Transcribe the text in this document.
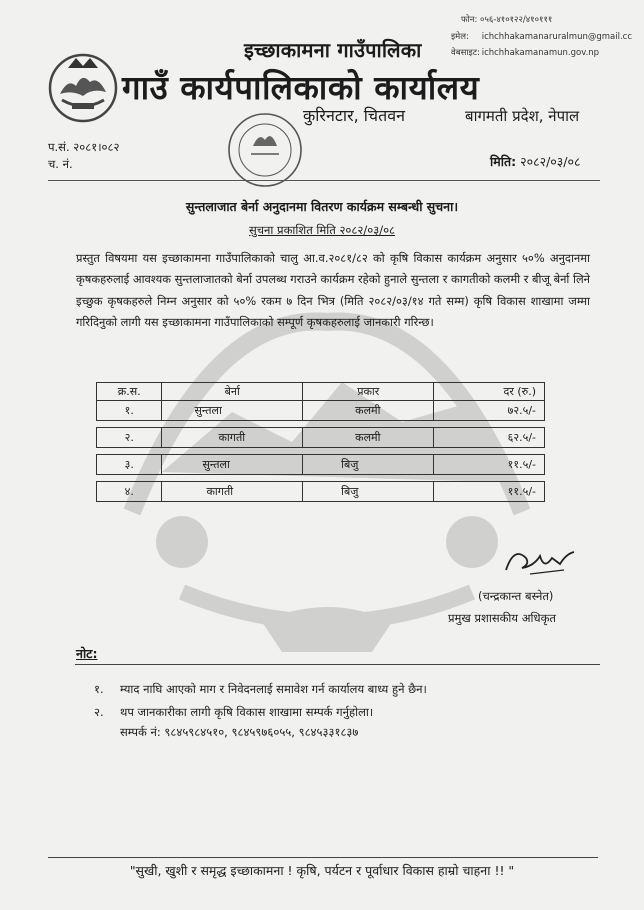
फोन: ०५६-४१०१२२/४१०१११
इमेल: ichchhakamanaruralmun@gmail.cc
वेबसाइट: ichchhakamanamun.gov.np
इच्छाकामना गाउँपालिका
गाउँ कार्यपालिकाको कार्यालय
कुरिनटार, चितवन	बागमती प्रदेश, नेपाल
प.सं. २०८१।०८२
च. नं.	मिति: २०८२/०३/०८
सुन्तलाजात बेर्ना अनुदानमा वितरण कार्यक्रम सम्बन्धी सुचना।
सुचना प्रकाशित मिति २०८२/०३/०८
प्रस्तुत विषयमा यस इच्छाकामना गाउँपालिकाको चालु आ.व.२०८१/८२ को कृषि विकास कार्यक्रम अनुसार ५०% अनुदानमा कृषकहरुलाई आवश्यक सुन्तलाजातको बेर्ना उपलब्ध गराउने कार्यक्रम रहेको हुनाले सुन्तला र कागतीको कलमी र बीजू बेर्ना लिने इच्छुक कृषकहरुले निम्न अनुसार को ५०% रकम ७ दिन भित्र (मिति २०८२/०३/१४ गते सम्म) कृषि विकास शाखामा जम्मा गरिदिनुको लागी यस इच्छाकामना गाउँपालिकाको सम्पूर्ण कृषकहरुलाई जानकारी गरिन्छ।
क्र.स.	बेर्ना	प्रकार	दर (रु.)
१.	सुन्तला	कलमी	७२.५/-

२.	कागती	कलमी	६२.५/-

३.	सुन्तला	बिजु	११.५/-

४.	कागती	बिजु	११.५/-
(चन्द्रकान्त बस्नेत)
प्रमुख प्रशासकीय अधिकृत
नोट:
१. म्याद नाघि आएको माग र निवेदनलाई समावेश गर्न कार्यालय बाध्य हुने छैन।
२. थप जानकारीका लागी कृषि विकास शाखामा सम्पर्क गर्नुहोला।
सम्पर्क नं: ९८४५९८४५१०, ९८४५९७६०५५, ९८४५३३१८३७
"सुखी, खुशी र समृद्ध इच्छाकामना ! कृषि, पर्यटन र पूर्वाधार विकास हाम्रो चाहना !! "
